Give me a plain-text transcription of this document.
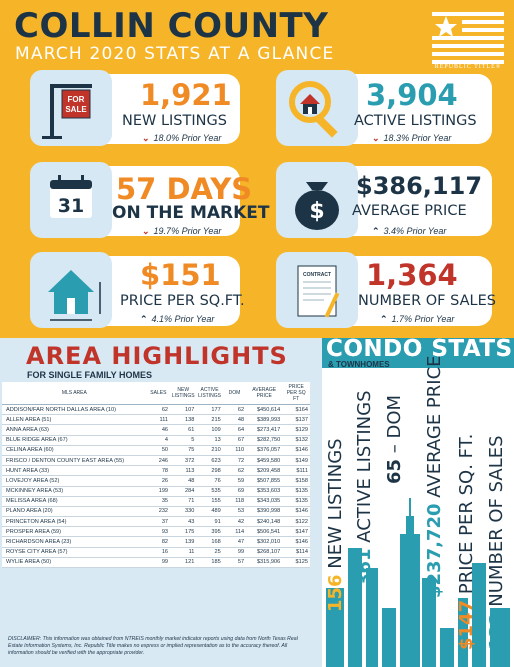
COLLIN COUNTY
MARCH 2020 STATS AT A GLANCE
REPUBLIC TITLE®
FOR
SALE 1,921
NEW LISTINGS
⌄ 18.0% Prior Year
3,904
ACTIVE LISTINGS
⌄ 18.3% Prior Year
31 57 DAYS
ON THE MARKET
⌄ 19.7% Prior Year
$
$386,117
AVERAGE PRICE
⌃ 3.4% Prior Year
$151
PRICE PER SQ.FT.
⌃ 4.1% Prior Year
CONTRACT 1,364
NUMBER OF SALES
⌃ 1.7% Prior Year
AREA HIGHLIGHTS
FOR SINGLE FAMILY HOMES
MLS AREA	SALES	NEW LISTINGS	ACTIVE LISTINGS	DOM	AVERAGE PRICE	PRICE PER SQ FT
ADDISON/FAR NORTH DALLAS AREA (10)	62	107	177	62	$450,614	$164
ALLEN AREA (51)	111	138	215	48	$389,993	$137
ANNA AREA (63)	46	61	109	64	$273,417	$129
BLUE RIDGE AREA (67)	4	5	13	67	$282,750	$132
CELINA AREA (60)	50	75	210	110	$376,057	$146
FRISCO / DENTON COUNTY EAST AREA (55)	246	372	623	72	$459,580	$149
HUNT AREA (33)	78	113	298	62	$209,458	$111
LOVEJOY AREA (52)	26	48	76	59	$507,855	$158
MCKINNEY AREA (53)	199	284	535	69	$353,603	$135
MELISSA AREA (68)	35	71	155	118	$343,035	$135
PLANO AREA (20)	232	330	489	53	$390,998	$146
PRINCETON AREA (54)	37	43	91	42	$240,148	$122
PROSPER AREA (59)	93	175	395	114	$506,541	$147
RICHARDSON AREA (23)	82	139	168	47	$302,010	$146
ROYSE CITY AREA (57)	16	11	25	99	$268,107	$114
WYLIE AREA (50)	99	121	185	57	$315,906	$125
DISCLAIMER: This information was obtained from NTREIS monthly market indicator reports using data from North Texas Real Estate Information Systems, Inc. Republic Title makes no express or implied representation as to the accuracy thereof. All information should be verified with the appropriate provider.
CONDO STATS
& TOWNHOMES
156 NEW LISTINGS 361 ACTIVE LISTINGS 65 – DOM
$237,720 AVERAGE PRICE
$147 PRICE PER SQ. FT.
132 NUMBER OF SALES
